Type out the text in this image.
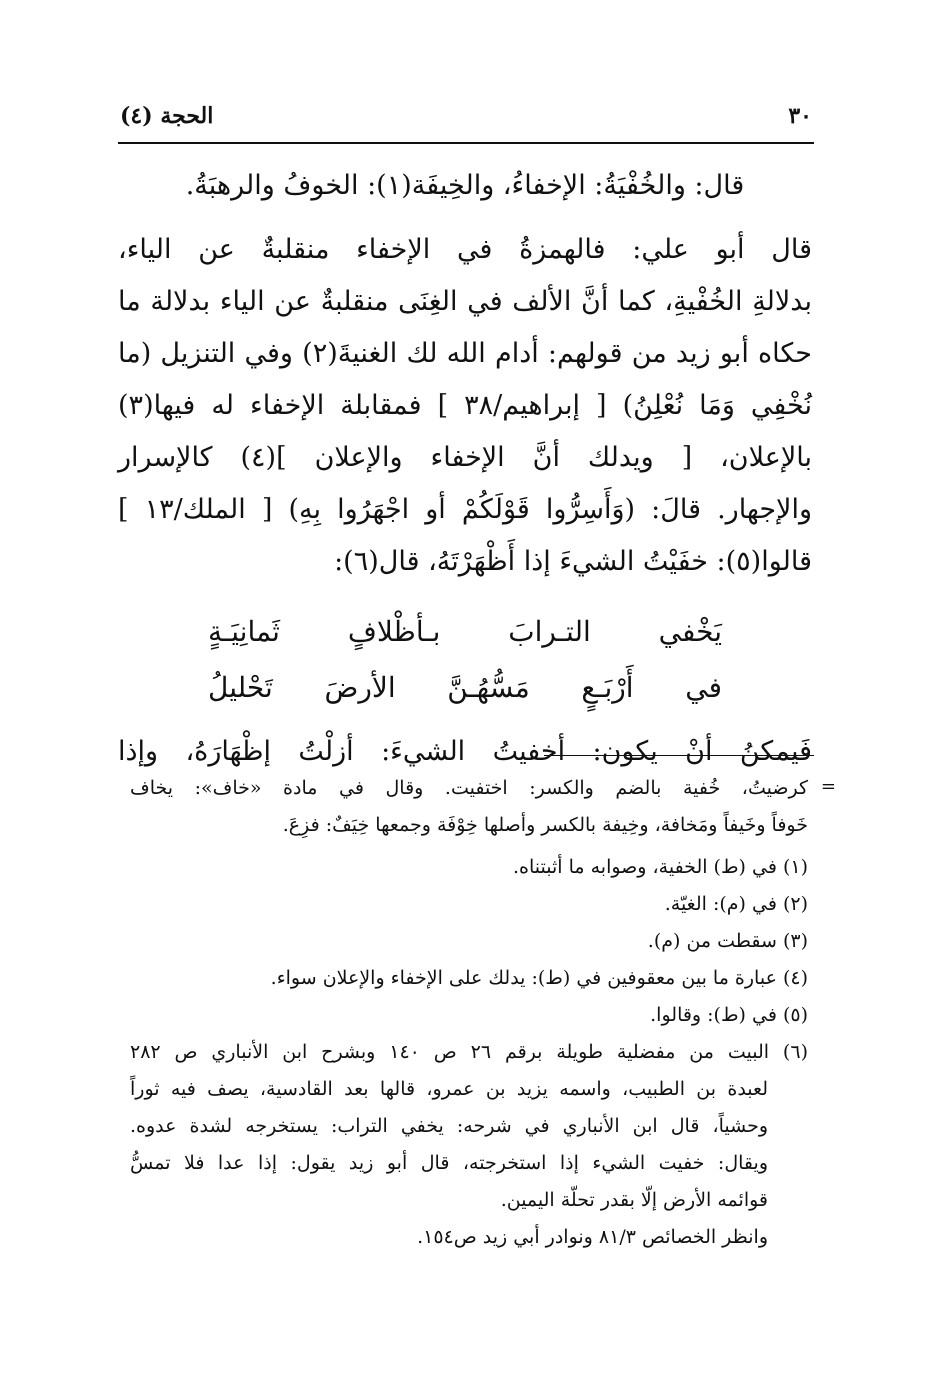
٣٠
الحجة (٤)
قال: والخُفْيَةُ: الإخفاءُ، والخِيفَة(١): الخوفُ والرهبَةُ.
قال أبو علي: فالهمزةُ في الإخفاء منقلبةٌ عن الياء،
بدلالةِ الخُفْيةِ، كما أنَّ الألف في الغِنَى منقلبةٌ عن الياء بدلالة ما
حكاه أبو زيد من قولهم: أدام الله لك الغنيةَ(٢) وفي التنزيل (ما
نُخْفِي وَمَا نُعْلِنُ) [ إبراهيم/٣٨ ] فمقابلة الإخفاء له فيها(٣)
بالإعلان، [ ويدلك أنَّ الإخفاء والإعلان ](٤) كالإسرار
والإجهار. قالَ: (وَأَسِرُّوا قَوْلَكُمْ أو اجْهَرُوا بِهِ) [ الملك/١٣ ]
قالوا(٥): خفَيْتُ الشيءَ إذا أَظْهَرْتَهُ، قال(٦):
يَخْفي التـرابَ بـأظْلافٍ ثَمانِيَـةٍ
في أَرْبَـعٍ مَسُّهُـنَّ الأرضَ تَحْليلُ
فَيمكنُ أنْ يكون: أخفيتُ الشيءَ: أزلْتُ إظْهَارَهُ، وإذا
=
كرضيتُ، خُفية بالضم والكسر: اختفيت. وقال في مادة «خاف»: يخاف
خَوفاً وخَيفاً ومَخافة، وخِيفة بالكسر وأصلها خِوْفَة وجمعها خِيَفٌ: فزِعَ.
(١) في (ط) الخفية، وصوابه ما أثبتناه.
(٢) في (م): الغيّة.
(٣) سقطت من (م).
(٤) عبارة ما بين معقوفين في (ط): يدلك على الإخفاء والإعلان سواء.
(٥) في (ط): وقالوا.
(٦) البيت من مفضلية طويلة برقم ٢٦ ص ١٤٠ وبشرح ابن الأنباري ص ٢٨٢
لعبدة بن الطبيب، واسمه يزيد بن عمرو، قالها بعد القادسية، يصف فيه ثوراً
وحشياً، قال ابن الأنباري في شرحه: يخفي التراب: يستخرجه لشدة عدوه.
ويقال: خفيت الشيء إذا استخرجته، قال أبو زيد يقول: إذا عدا فلا تمسُّ
قوائمه الأرض إلّا بقدر تحلّة اليمين.
وانظر الخصائص ٨١/٣ ونوادر أبي زيد ص١٥٤.
